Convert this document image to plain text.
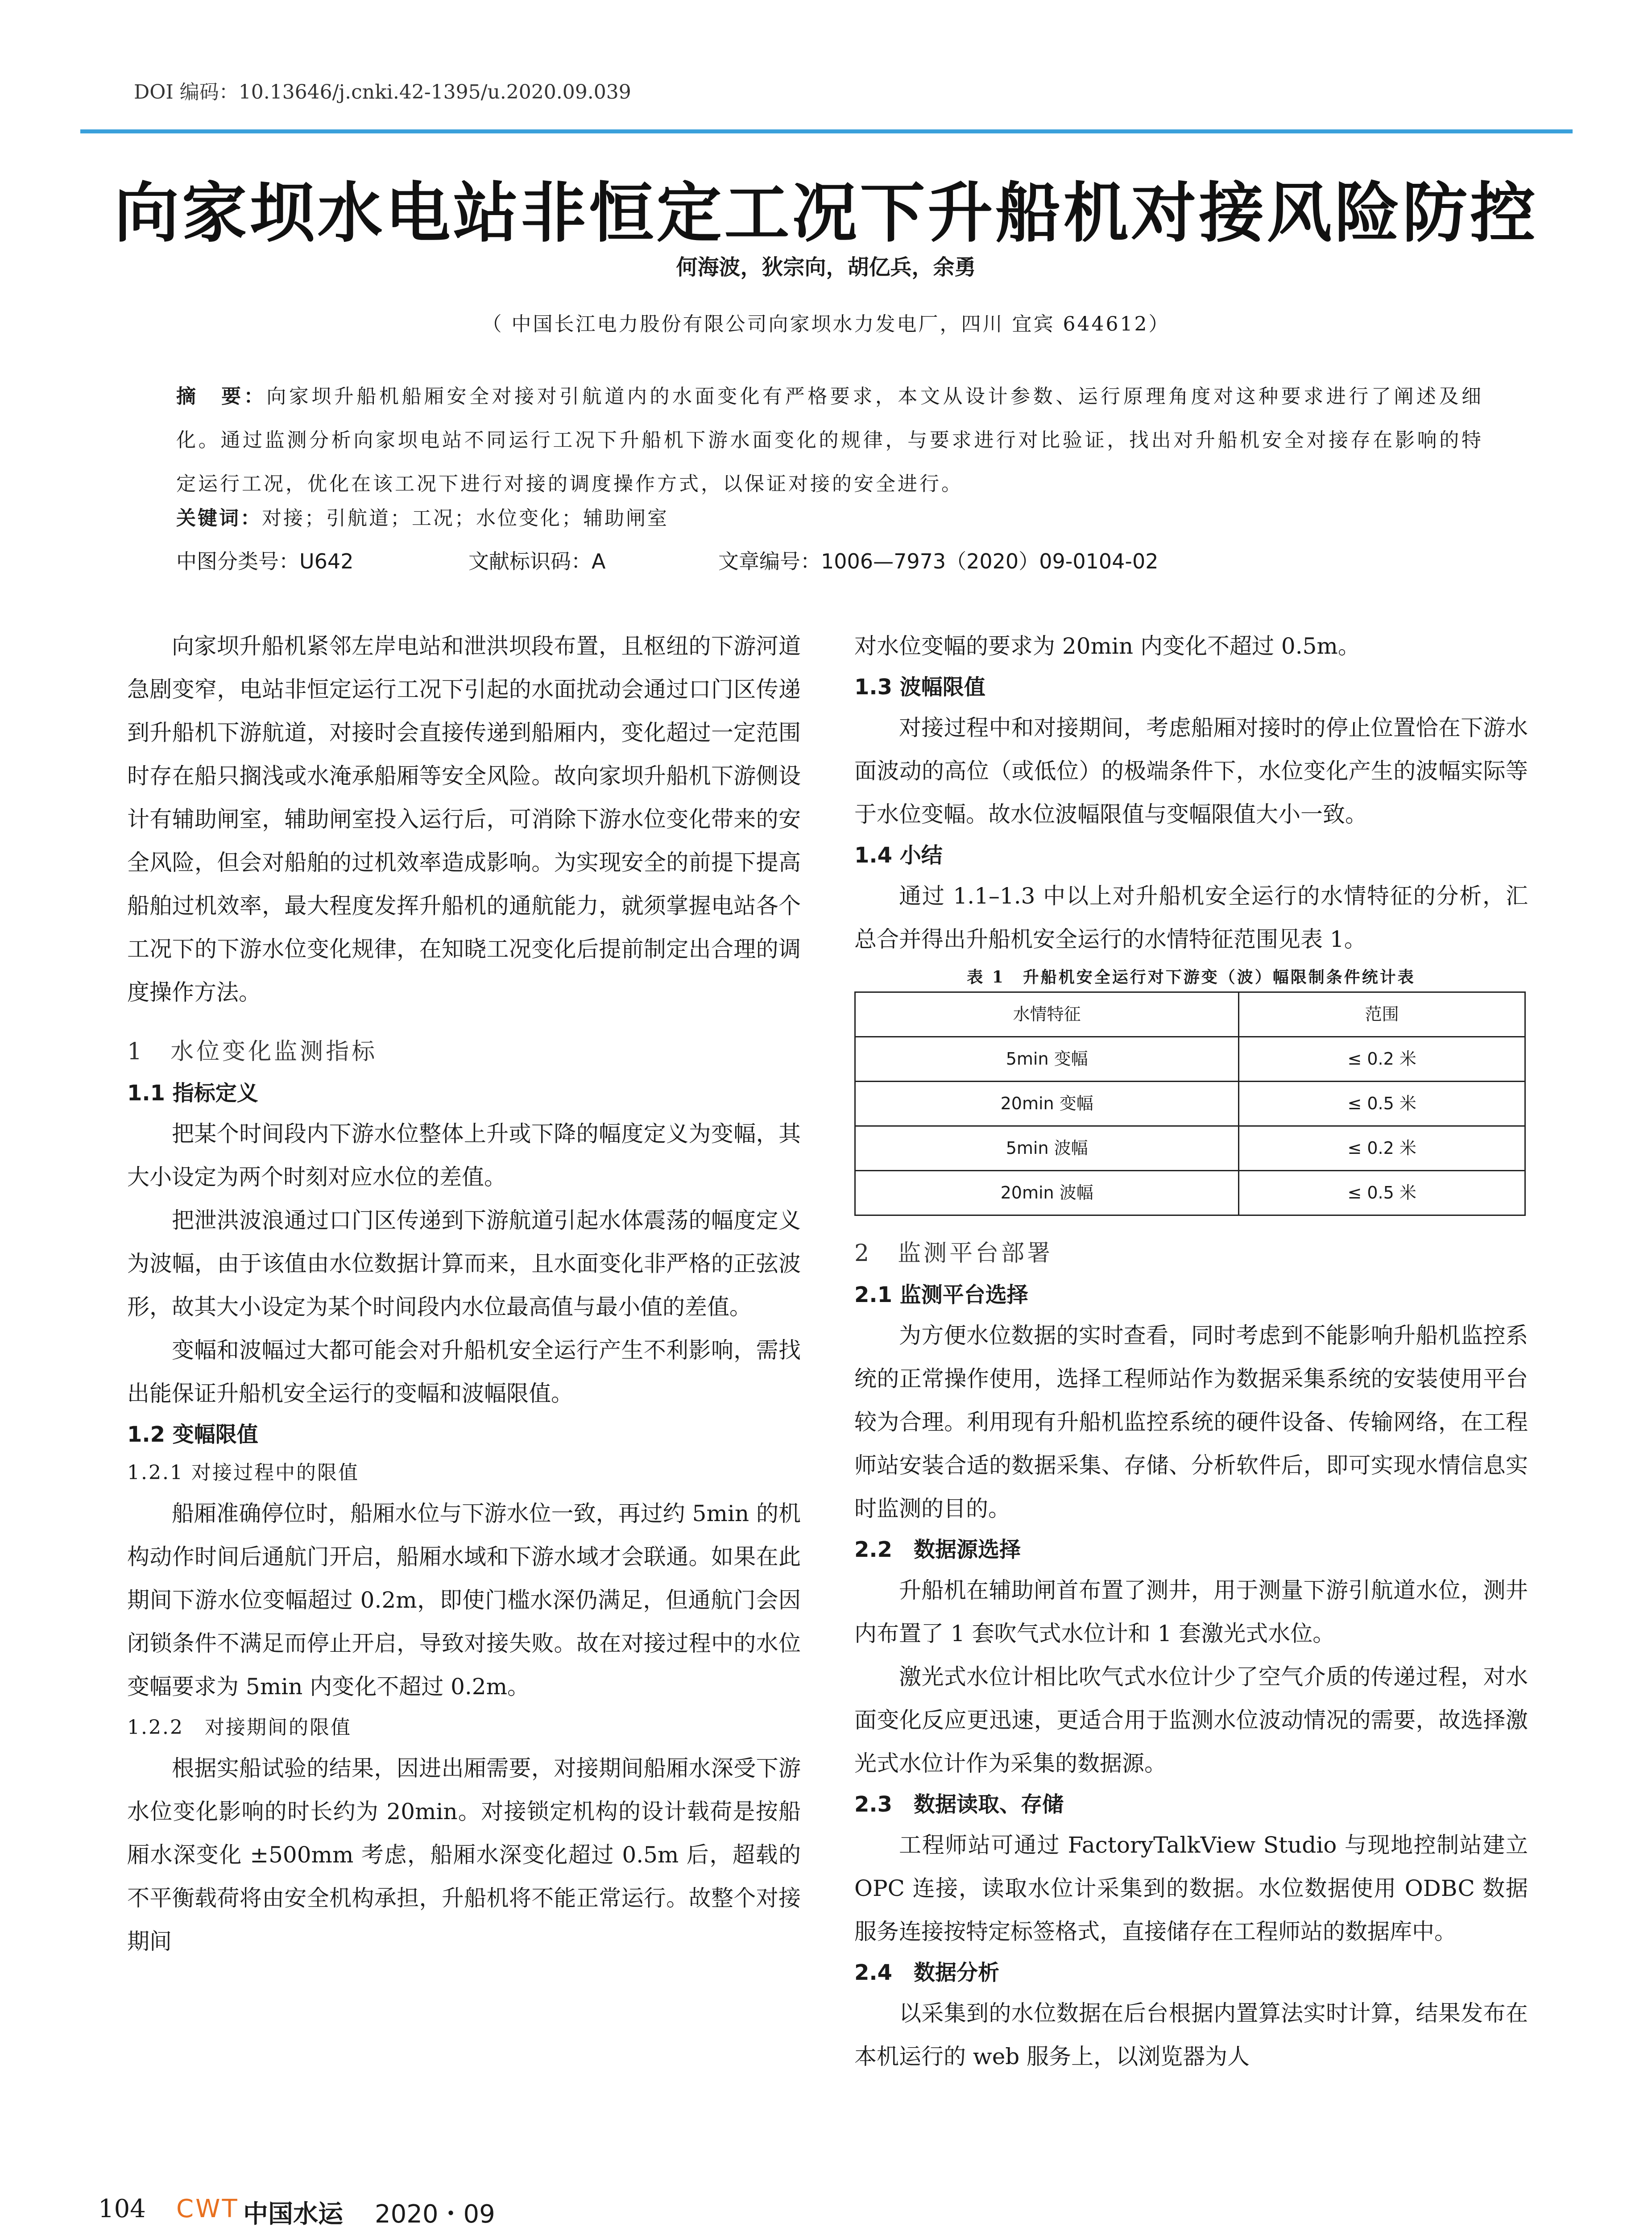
DOI 编码：10.13646/j.cnki.42-1395/u.2020.09.039
向家坝水电站非恒定工况下升船机对接风险防控
何海波，狄宗向，胡亿兵，余勇
（ 中国长江电力股份有限公司向家坝水力发电厂，四川 宜宾 644612）
摘　要：向家坝升船机船厢安全对接对引航道内的水面变化有严格要求，本文从设计参数、运行原理角度对这种要求进行了阐述及细化。通过监测分析向家坝电站不同运行工况下升船机下游水面变化的规律，与要求进行对比验证，找出对升船机安全对接存在影响的特定运行工况，优化在该工况下进行对接的调度操作方式，以保证对接的安全进行。
关键词：对接；引航道；工况；水位变化；辅助闸室
中图分类号：U642	文献标识码：A	文章编号：1006—7973（2020）09-0104-02

向家坝升船机紧邻左岸电站和泄洪坝段布置，且枢纽的下游河道急剧变窄，电站非恒定运行工况下引起的水面扰动会通过口门区传递到升船机下游航道，对接时会直接传递到船厢内，变化超过一定范围时存在船只搁浅或水淹承船厢等安全风险。故向家坝升船机下游侧设计有辅助闸室，辅助闸室投入运行后，可消除下游水位变化带来的安全风险，但会对船舶的过机效率造成影响。为实现安全的前提下提高船舶过机效率，最大程度发挥升船机的通航能力，就须掌握电站各个工况下的下游水位变化规律，在知晓工况变化后提前制定出合理的调度操作方法。

1　水位变化监测指标
1.1 指标定义

把某个时间段内下游水位整体上升或下降的幅度定义为变幅，其大小设定为两个时刻对应水位的差值。

把泄洪波浪通过口门区传递到下游航道引起水体震荡的幅度定义为波幅，由于该值由水位数据计算而来，且水面变化非严格的正弦波形，故其大小设定为某个时间段内水位最高值与最小值的差值。

变幅和波幅过大都可能会对升船机安全运行产生不利影响，需找出能保证升船机安全运行的变幅和波幅限值。

1.2 变幅限值
1.2.1 对接过程中的限值

船厢准确停位时，船厢水位与下游水位一致，再过约 5min 的机构动作时间后通航门开启，船厢水域和下游水域才会联通。如果在此期间下游水位变幅超过 0.2m，即使门槛水深仍满足，但通航门会因闭锁条件不满足而停止开启，导致对接失败。故在对接过程中的水位变幅要求为 5min 内变化不超过 0.2m。

1.2.2　对接期间的限值

根据实船试验的结果，因进出厢需要，对接期间船厢水深受下游水位变化影响的时长约为 20min。对接锁定机构的设计载荷是按船厢水深变化 ±500mm 考虑，船厢水深变化超过 0.5m 后，超载的不平衡载荷将由安全机构承担，升船机将不能正常运行。故整个对接期间

对水位变幅的要求为 20min 内变化不超过 0.5m。

1.3 波幅限值

对接过程中和对接期间，考虑船厢对接时的停止位置恰在下游水面波动的高位（或低位）的极端条件下，水位变化产生的波幅实际等于水位变幅。故水位波幅限值与变幅限值大小一致。

1.4 小结

通过 1.1–1.3 中以上对升船机安全运行的水情特征的分析，汇总合并得出升船机安全运行的水情特征范围见表 1。

表 1　升船机安全运行对下游变（波）幅限制条件统计表
水情特征	范围
5min 变幅	≤ 0.2 米
20min 变幅	≤ 0.5 米
5min 波幅	≤ 0.2 米
20min 波幅	≤ 0.5 米
2　监测平台部署
2.1 监测平台选择

为方便水位数据的实时查看，同时考虑到不能影响升船机监控系统的正常操作使用，选择工程师站作为数据采集系统的安装使用平台较为合理。利用现有升船机监控系统的硬件设备、传输网络，在工程师站安装合适的数据采集、存储、分析软件后，即可实现水情信息实时监测的目的。

2.2　数据源选择

升船机在辅助闸首布置了测井，用于测量下游引航道水位，测井内布置了 1 套吹气式水位计和 1 套激光式水位。

激光式水位计相比吹气式水位计少了空气介质的传递过程，对水面变化反应更迅速，更适合用于监测水位波动情况的需要，故选择激光式水位计作为采集的数据源。

2.3　数据读取、存储

工程师站可通过 FactoryTalkView Studio 与现地控制站建立 OPC 连接，读取水位计采集到的数据。水位数据使用 ODBC 数据服务连接按特定标签格式，直接储存在工程师站的数据库中。

2.4　数据分析

以采集到的水位数据在后台根据内置算法实时计算，结果发布在本机运行的 web 服务上，以浏览器为人

104 CWT 中国水运 2020・09
